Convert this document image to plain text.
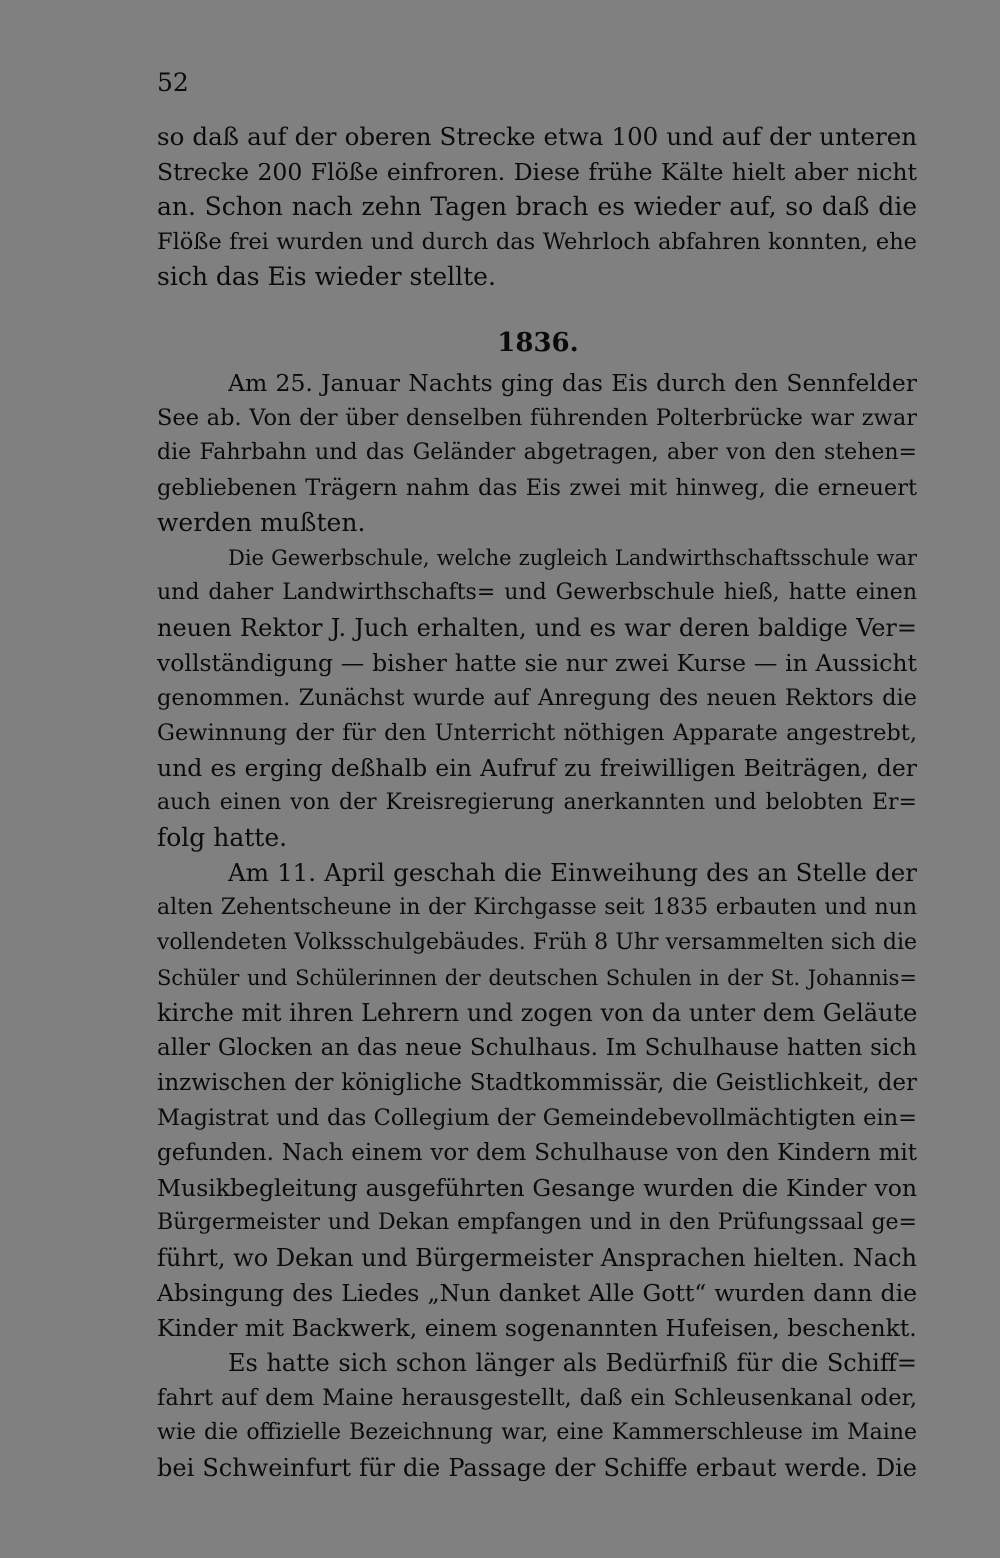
52

so daß auf der oberen Strecke etwa 100 und auf der unteren

Strecke 200 Flöße einfroren. Diese frühe Kälte hielt aber nicht

an. Schon nach zehn Tagen brach es wieder auf, so daß die

Flöße frei wurden und durch das Wehrloch abfahren konnten, ehe

sich das Eis wieder stellte.

1836.

Am 25. Januar Nachts ging das Eis durch den Sennfelder

See ab. Von der über denselben führenden Polterbrücke war zwar

die Fahrbahn und das Geländer abgetragen, aber von den stehen=

gebliebenen Trägern nahm das Eis zwei mit hinweg, die erneuert

werden mußten.

Die Gewerbschule, welche zugleich Landwirthschaftsschule war

und daher Landwirthschafts= und Gewerbschule hieß, hatte einen

neuen Rektor J. Juch erhalten, und es war deren baldige Ver=

vollständigung — bisher hatte sie nur zwei Kurse — in Aussicht

genommen. Zunächst wurde auf Anregung des neuen Rektors die

Gewinnung der für den Unterricht nöthigen Apparate angestrebt,

und es erging deßhalb ein Aufruf zu freiwilligen Beiträgen, der

auch einen von der Kreisregierung anerkannten und belobten Er=

folg hatte.

Am 11. April geschah die Einweihung des an Stelle der

alten Zehentscheune in der Kirchgasse seit 1835 erbauten und nun

vollendeten Volksschulgebäudes. Früh 8 Uhr versammelten sich die

Schüler und Schülerinnen der deutschen Schulen in der St. Johannis=

kirche mit ihren Lehrern und zogen von da unter dem Geläute

aller Glocken an das neue Schulhaus. Im Schulhause hatten sich

inzwischen der königliche Stadtkommissär, die Geistlichkeit, der

Magistrat und das Collegium der Gemeindebevollmächtigten ein=

gefunden. Nach einem vor dem Schulhause von den Kindern mit

Musikbegleitung ausgeführten Gesange wurden die Kinder von

Bürgermeister und Dekan empfangen und in den Prüfungssaal ge=

führt, wo Dekan und Bürgermeister Ansprachen hielten. Nach

Absingung des Liedes „Nun danket Alle Gott“ wurden dann die

Kinder mit Backwerk, einem sogenannten Hufeisen, beschenkt.

Es hatte sich schon länger als Bedürfniß für die Schiff=

fahrt auf dem Maine herausgestellt, daß ein Schleusenkanal oder,

wie die offizielle Bezeichnung war, eine Kammerschleuse im Maine

bei Schweinfurt für die Passage der Schiffe erbaut werde. Die
